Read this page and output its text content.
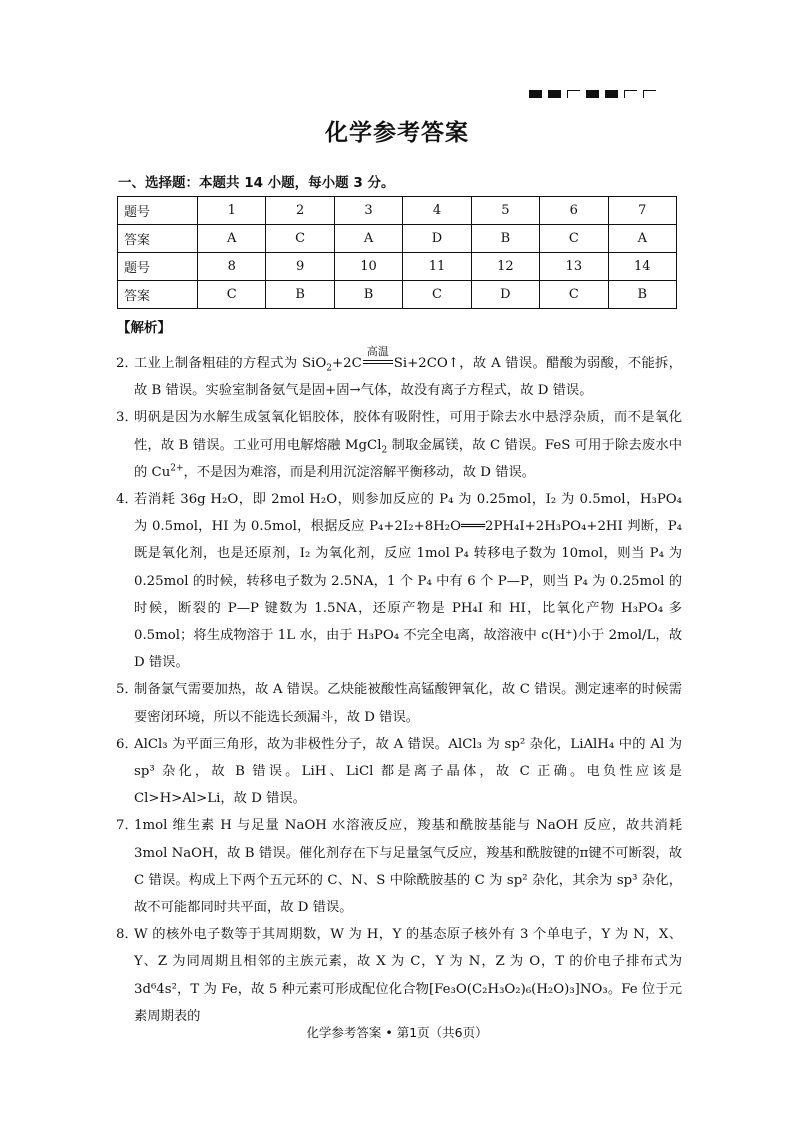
化学参考答案
一、选择题：本题共 14 小题，每小题 3 分。
题号	1	2	3	4	5	6	7
答案	A	C	A	D	B	C	A
题号	8	9	10	11	12	13	14
答案	C	B	B	C	D	C	B
【解析】
2．

工业上制备粗硅的方程式为 SiO$_2$+2C
高温
Si+2CO↑，故 A 错误。醋酸为弱酸，不能拆，故 B 错误。实验室制备氨气是固+固→气体，故没有离子方程式，故 D 错误。

3．

明矾是因为水解生成氢氧化铝胶体，胶体有吸附性，可用于除去水中悬浮杂质，而不是氧化性，故 B 错误。工业可用电解熔融 MgCl$_2$ 制取金属镁，故 C 错误。FeS 可用于除去废水中的 $Cu^{2+}$，不是因为难溶，而是利用沉淀溶解平衡移动，故 D 错误。

4．

若消耗 36g H₂O，即 2mol H₂O，则参加反应的 P₄ 为 0.25mol，I₂ 为 0.5mol，H₃PO₄ 为 0.5mol，HI 为 0.5mol，根据反应 P₄+2I₂+8H₂O═══2PH₄I+2H₃PO₄+2HI 判断，P₄ 既是氧化剂，也是还原剂，I₂ 为氧化剂，反应 1mol P₄ 转移电子数为 10mol，则当 P₄ 为 0.25mol 的时候，转移电子数为 2.5NA，1 个 P₄ 中有 6 个 P—P，则当 P₄ 为 0.25mol 的时候，断裂的 P—P 键数为 1.5NA，还原产物是 PH₄I 和 HI，比氧化产物 H₃PO₄ 多 0.5mol；将生成物溶于 1L 水，由于 H₃PO₄ 不完全电离，故溶液中 c(H⁺)小于 2mol/L，故 D 错误。

5．

制备氯气需要加热，故 A 错误。乙炔能被酸性高锰酸钾氧化，故 C 错误。测定速率的时候需要密闭环境，所以不能选长颈漏斗，故 D 错误。

6．

AlCl₃ 为平面三角形，故为非极性分子，故 A 错误。AlCl₃ 为 sp² 杂化，LiAlH₄ 中的 Al 为 sp³ 杂化，故 B 错误。LiH、LiCl 都是离子晶体，故 C 正确。电负性应该是 Cl>H>Al>Li，故 D 错误。

7．

1mol 维生素 H 与足量 NaOH 水溶液反应，羧基和酰胺基能与 NaOH 反应，故共消耗 3mol NaOH，故 B 错误。催化剂存在下与足量氢气反应，羧基和酰胺键的π键不可断裂，故 C 错误。构成上下两个五元环的 C、N、S 中除酰胺基的 C 为 sp² 杂化，其余为 sp³ 杂化，故不可能都同时共平面，故 D 错误。

8．

W 的核外电子数等于其周期数，W 为 H，Y 的基态原子核外有 3 个单电子，Y 为 N，X、Y、Z 为同周期且相邻的主族元素，故 X 为 C，Y 为 N，Z 为 O，T 的价电子排布式为 3d⁶4s²，T 为 Fe，故 5 种元素可形成配位化合物[Fe₃O(C₂H₃O₂)₆(H₂O)₃]NO₃。Fe 位于元素周期表的

化学参考答案 • 第1页（共6页）
